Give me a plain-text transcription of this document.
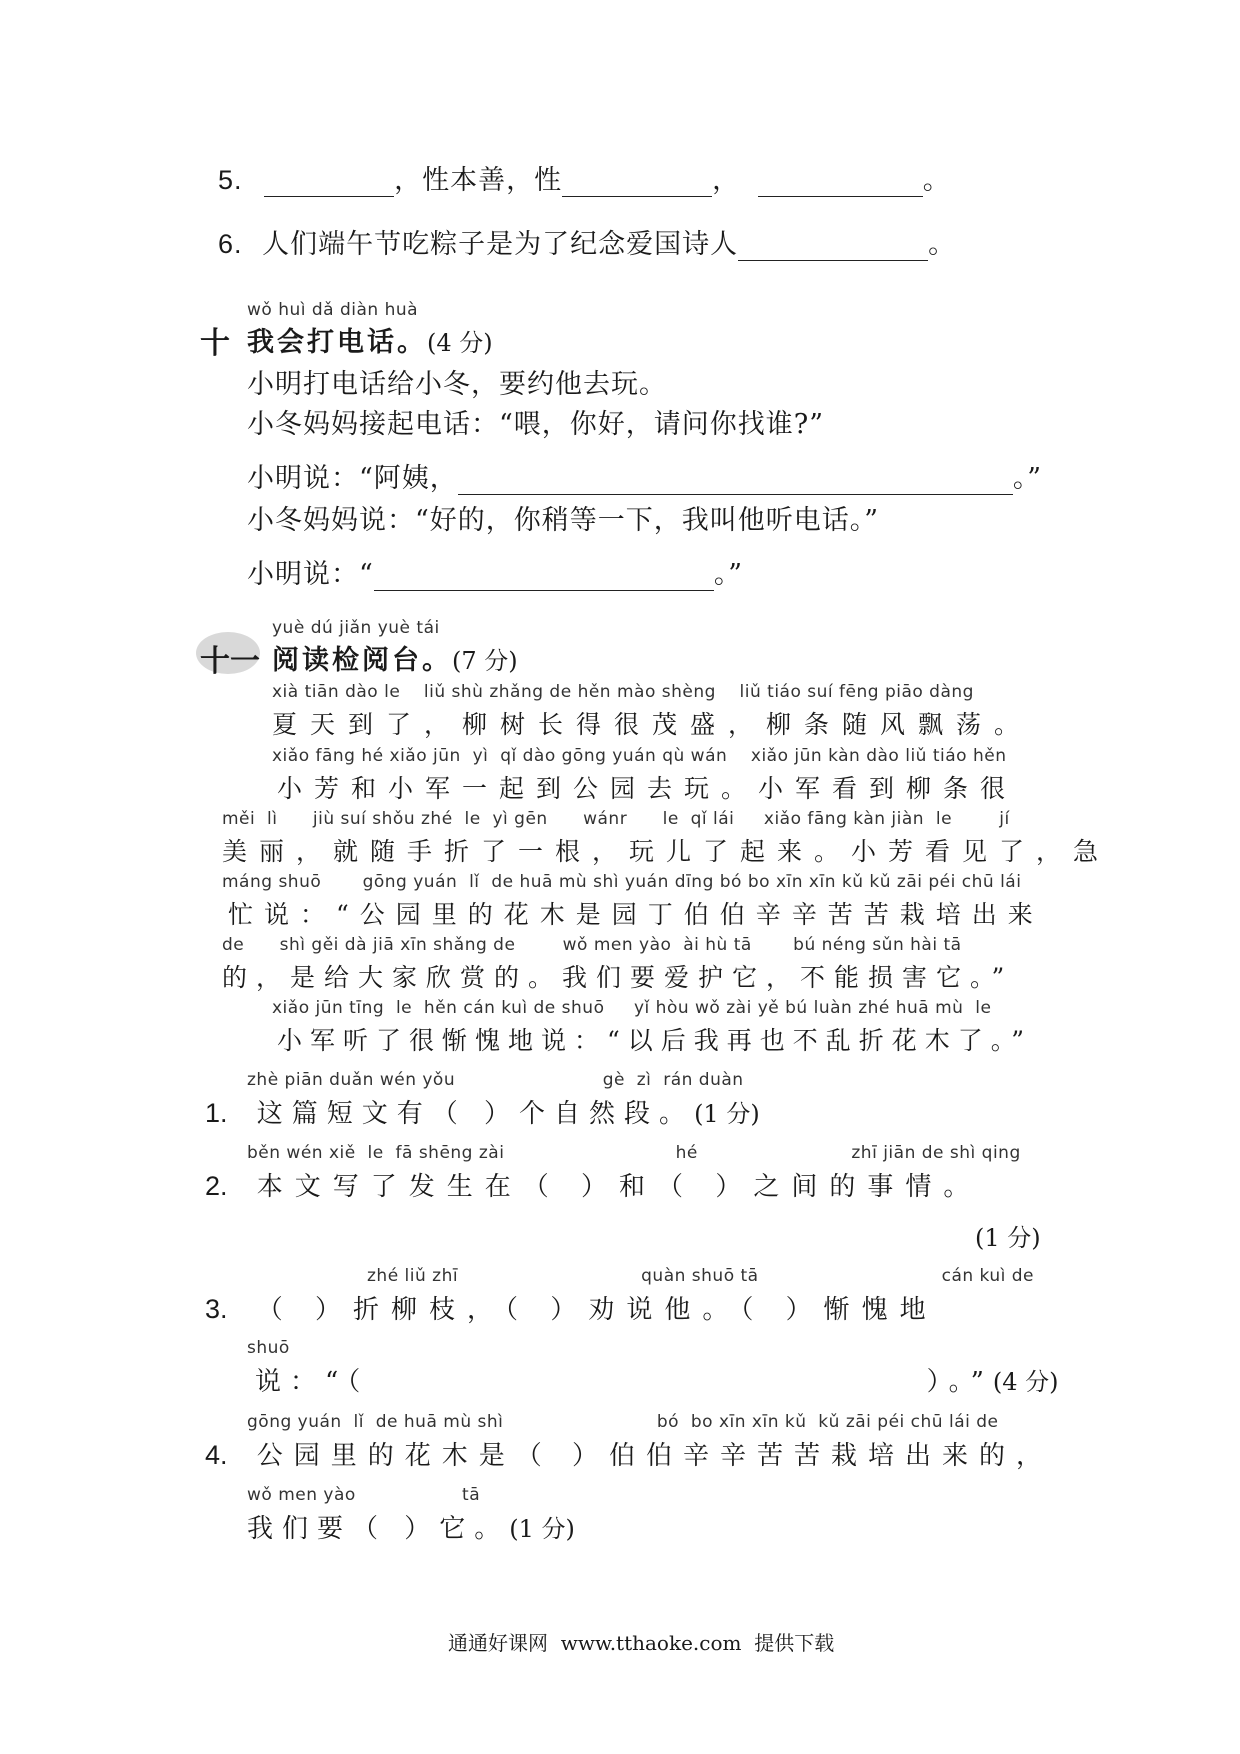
5.	，性本善，性	，	。
6. 人们端午节吃粽子是为了纪念爱国诗人	。
wǒ huì dǎ diàn huà
十 我会打电话。(4 分)
小明打电话给小冬，要约他去玩。
小冬妈妈接起电话：“喂，你好，请问你找谁?”
小明说：“阿姨，	。”
小冬妈妈说：“好的，你稍等一下，我叫他听电话。”
小明说：“	。”
yuè dú jiǎn yuè tái
十一 阅读检阅台。(7 分)
xià tiān dào le    liǔ shù zhǎng de hěn mào shèng    liǔ tiáo suí fēng piāo dàng
夏天到了，柳树长得很茂盛，柳条随风飘荡。
xiǎo fāng hé xiǎo jūn  yì  qǐ dào gōng yuán qù wán    xiǎo jūn kàn dào liǔ tiáo hěn
小芳和小军一起到公园去玩。小军看到柳条很
měi  lì      jiù suí shǒu zhé  le  yì gēn      wánr      le  qǐ lái     xiǎo fāng kàn jiàn  le        jí
美丽，就随手折了一根，玩儿了起来。小芳看见了，急
máng shuō       gōng yuán  lǐ  de huā mù shì yuán dīng bó bo xīn xīn kǔ kǔ zāi péi chū lái
忙说：“公园里的花木是园丁伯伯辛辛苦苦栽培出来
de      shì gěi dà jiā xīn shǎng de        wǒ men yào  ài hù tā       bú néng sǔn hài tā
的，是给大家欣赏的。我们要爱护它，不能损害它。”
xiǎo jūn tīng  le  hěn cán kuì de shuō     yǐ hòu wǒ zài yě bú luàn zhé huā mù  le
小军听了很惭愧地说：“以后我再也不乱折花木了。”
zhè piān duǎn wén yǒu                         gè  zì  rán duàn
1. 这篇短文有（ ）个自然段。(1 分)
běn wén xiě  le  fā shēng zài                             hé                          zhī jiān de shì qing
2. 本文写了发生在（ ）和（ ）之间的事情。
(1 分)
zhé liǔ zhī                               quàn shuō tā                               cán kuì de
3. （ ）折柳枝，（ ）劝说他。（ ）惭愧地
shuō
说：“（	）。”(4 分)
gōng yuán  lǐ  de huā mù shì                          bó  bo xīn xīn kǔ  kǔ zāi péi chū lái de
4. 公园里的花木是（ ）伯伯辛辛苦苦栽培出来的，
wǒ men yào                  tā
我们要（ ）它。(1 分)
通通好课网  www.tthaoke.com  提供下载
